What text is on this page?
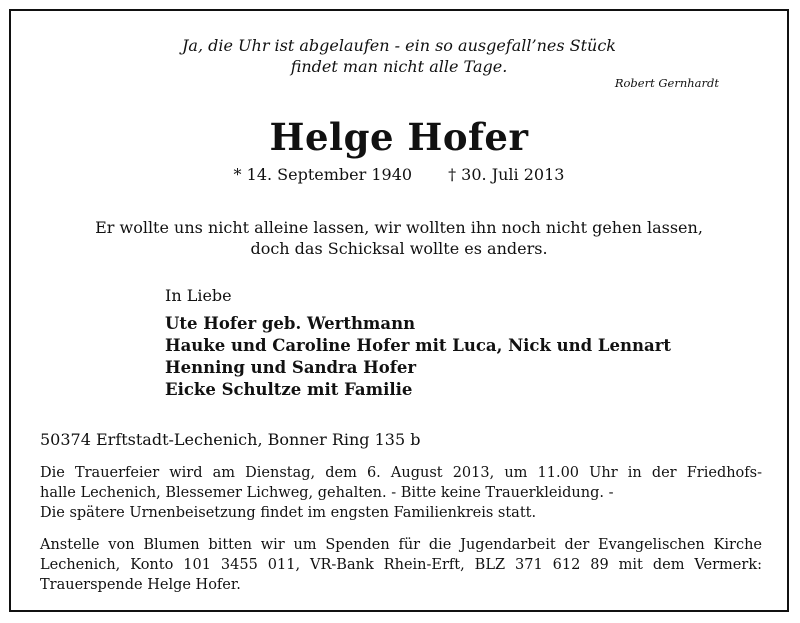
Ja, die Uhr ist abgelaufen - ein so ausgefall’nes Stück
findet man nicht alle Tage.
Robert Gernhardt
Helge Hofer
* 14. September 1940 † 30. Juli 2013
Er wollte uns nicht alleine lassen, wir wollten ihn noch nicht gehen lassen,
doch das Schicksal wollte es anders.
In Liebe
Ute Hofer geb. Werthmann
Hauke und Caroline Hofer mit Luca, Nick und Lennart
Henning und Sandra Hofer
Eicke Schultze mit Familie
50374 Erftstadt-Lechenich, Bonner Ring 135 b
Die Trauerfeier wird am Dienstag, dem 6. August 2013, um 11.00 Uhr in der Friedhofs-
halle Lechenich, Blessemer Lichweg, gehalten. - Bitte keine Trauerkleidung. -
Die spätere Urnenbeisetzung findet im engsten Familienkreis statt.
Anstelle von Blumen bitten wir um Spenden für die Jugendarbeit der Evangelischen Kirche
Lechenich, Konto 101 3455 011, VR-Bank Rhein-Erft, BLZ 371 612 89 mit dem Vermerk:
Trauerspende Helge Hofer.
